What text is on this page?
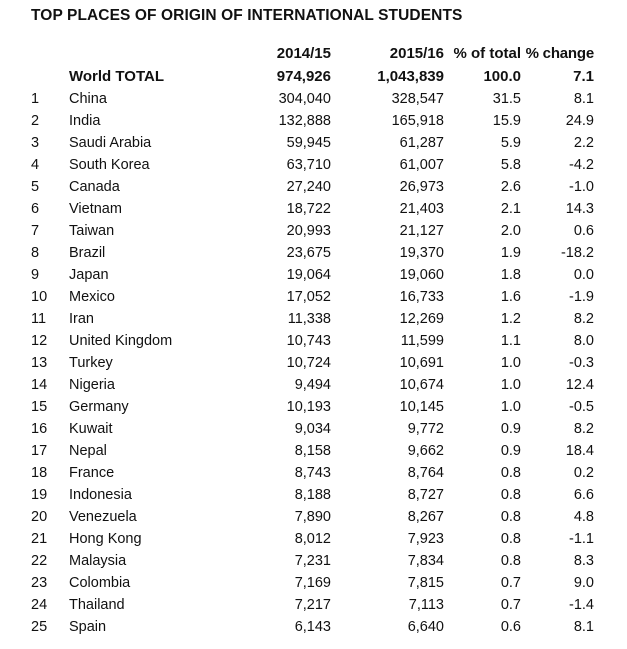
TOP PLACES OF ORIGIN OF INTERNATIONAL STUDENTS
		2014/15	2015/16	% of total	% change
	World TOTAL	974,926	1,043,839	100.0	7.1
1	China	304,040	328,547	31.5	8.1
2	India	132,888	165,918	15.9	24.9
3	Saudi Arabia	59,945	61,287	5.9	2.2
4	South Korea	63,710	61,007	5.8	-4.2
5	Canada	27,240	26,973	2.6	-1.0
6	Vietnam	18,722	21,403	2.1	14.3
7	Taiwan	20,993	21,127	2.0	0.6
8	Brazil	23,675	19,370	1.9	-18.2
9	Japan	19,064	19,060	1.8	0.0
10	Mexico	17,052	16,733	1.6	-1.9
11	Iran	11,338	12,269	1.2	8.2
12	United Kingdom	10,743	11,599	1.1	8.0
13	Turkey	10,724	10,691	1.0	-0.3
14	Nigeria	9,494	10,674	1.0	12.4
15	Germany	10,193	10,145	1.0	-0.5
16	Kuwait	9,034	9,772	0.9	8.2
17	Nepal	8,158	9,662	0.9	18.4
18	France	8,743	8,764	0.8	0.2
19	Indonesia	8,188	8,727	0.8	6.6
20	Venezuela	7,890	8,267	0.8	4.8
21	Hong Kong	8,012	7,923	0.8	-1.1
22	Malaysia	7,231	7,834	0.8	8.3
23	Colombia	7,169	7,815	0.7	9.0
24	Thailand	7,217	7,113	0.7	-1.4
25	Spain	6,143	6,640	0.6	8.1
